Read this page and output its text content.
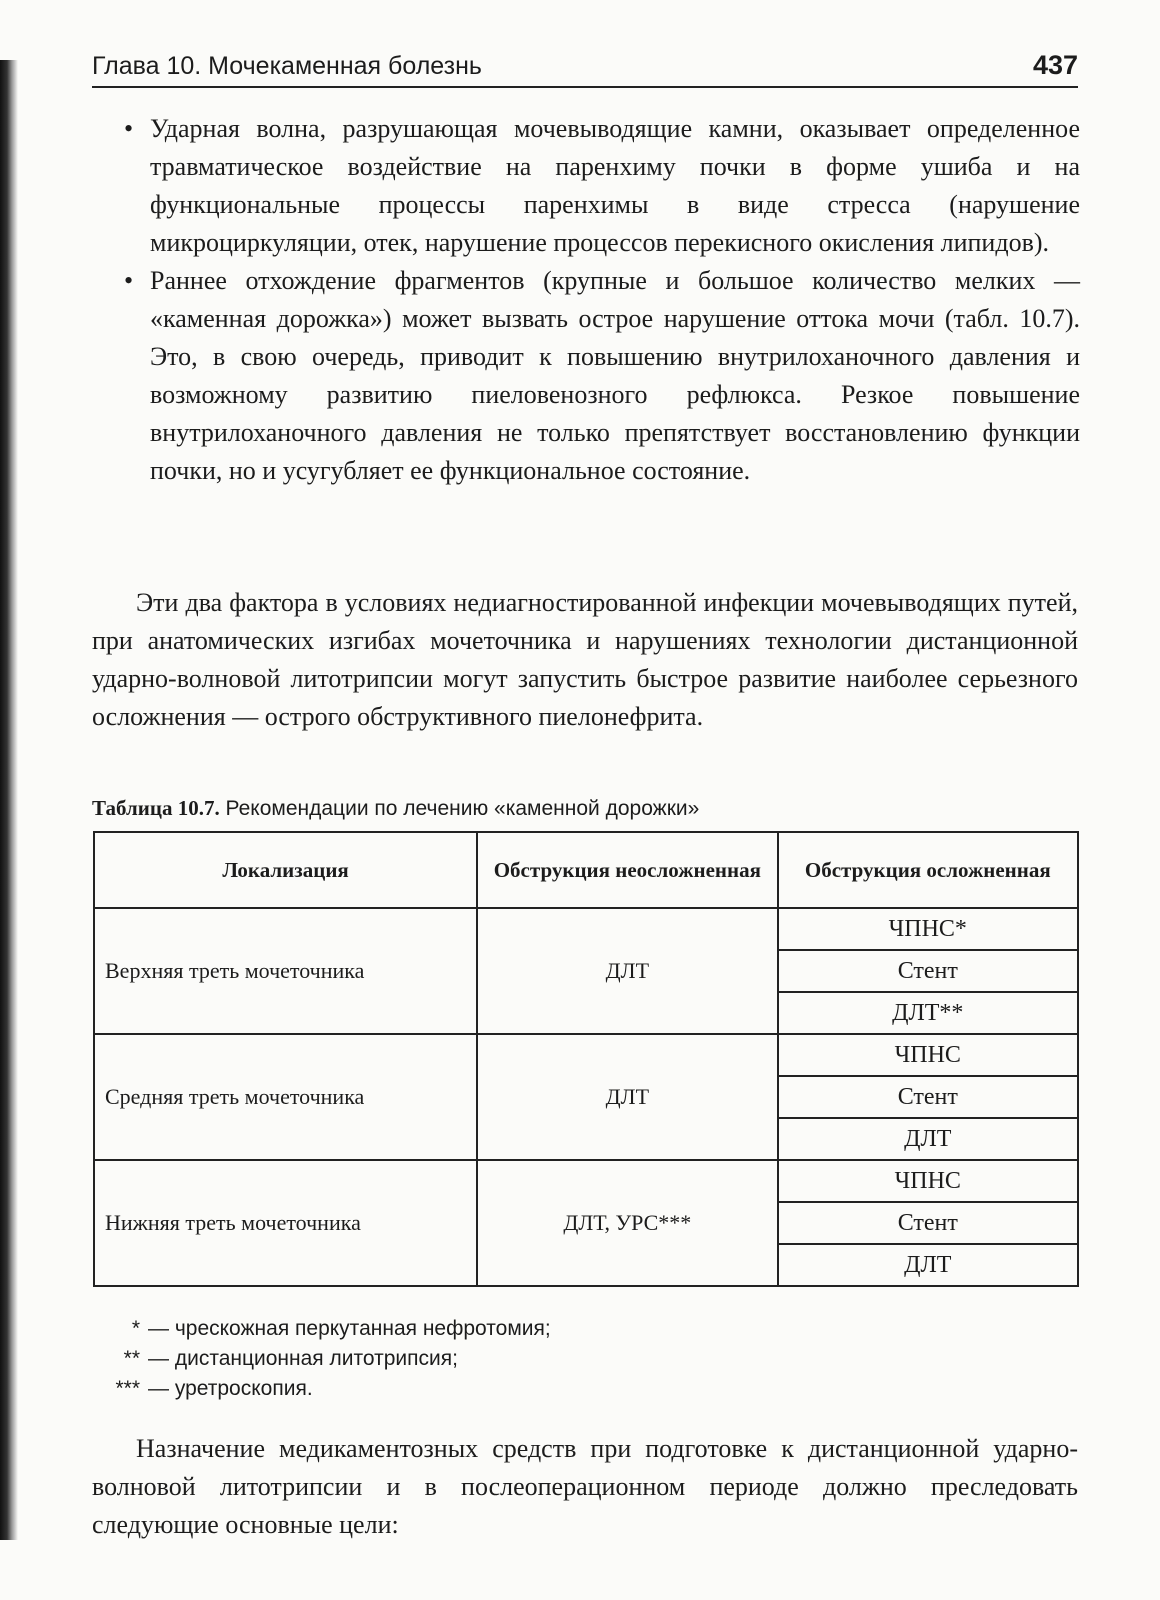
Глава 10. Мочекаменная болезнь	437
• Ударная волна, разрушающая мочевыводящие камни, оказывает определенное травматическое воздействие на паренхиму почки в форме ушиба и на функциональные процессы паренхимы в виде стресса (нарушение микроциркуляции, отек, нарушение процессов перекисного окисления липидов).
• Раннее отхождение фрагментов (крупные и большое количество мелких — «каменная дорожка») может вызвать острое нарушение оттока мочи (табл. 10.7). Это, в свою очередь, приводит к повышению внутрилоханочного давления и возможному развитию пиеловенозного рефлюкса. Резкое повышение внутрилоханочного давления не только препятствует восстановлению функции почки, но и усугубляет ее функциональное состояние.

Эти два фактора в условиях недиагностированной инфекции мочевыводящих путей, при анатомических изгибах мочеточника и нарушениях технологии дистанционной ударно-волновой литотрипсии могут запустить быстрое развитие наиболее серьезного осложнения — острого обструктивного пиелонефрита.

Таблица 10.7. Рекомендации по лечению «каменной дорожки»
Локализация	Обструкция неосложненная	Обструкция осложненная
Верхняя треть мочеточника	ДЛТ	ЧПНС*
		Стент
		ДЛТ**
Средняя треть мочеточника	ДЛТ	ЧПНС
		Стент
		ДЛТ
Нижняя треть мочеточника	ДЛТ, УРС***	ЧПНС
		Стент
		ДЛТ

* — чрескожная перкутанная нефротомия;

** — дистанционная литотрипсия;

*** — уретроскопия.

Назначение медикаментозных средств при подготовке к дистанционной ударно-волновой литотрипсии и в послеоперационном периоде должно преследовать следующие основные цели:
